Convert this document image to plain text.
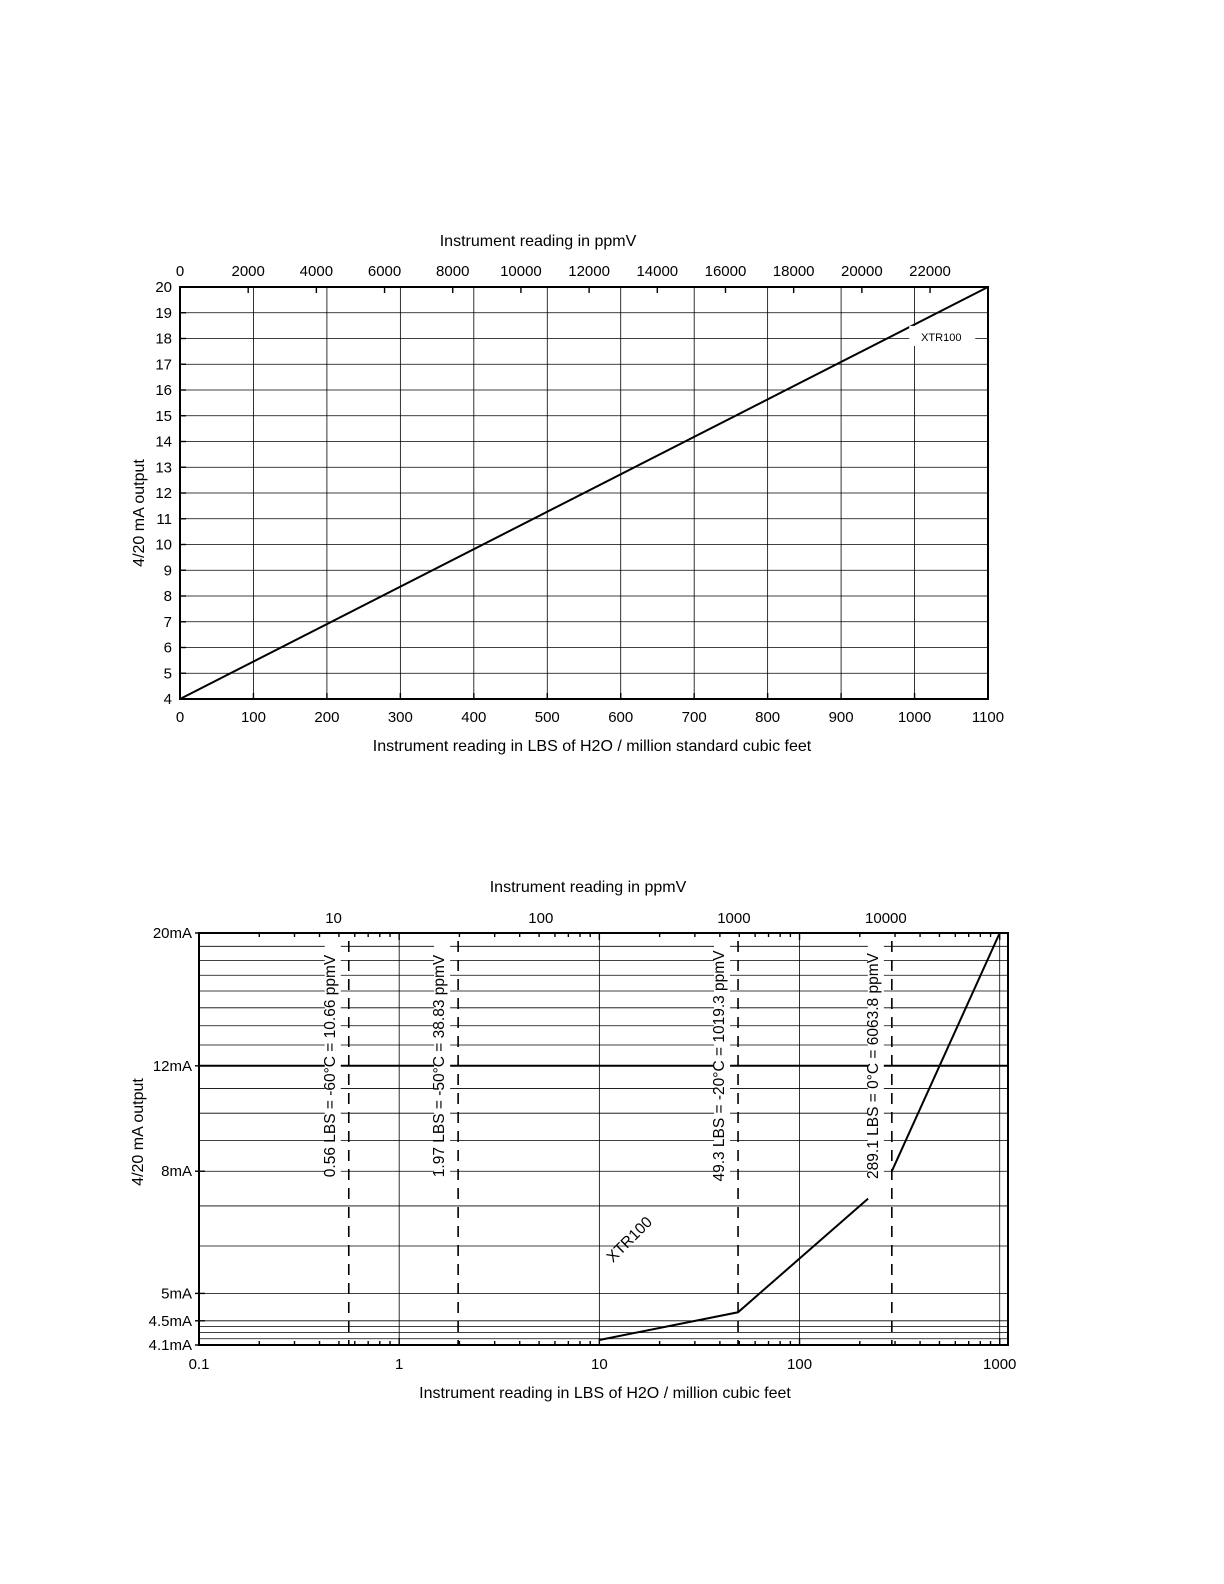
XTR100
0	100	200	300	400	500	600	700	800	900	1000	1100
0	2000 4000 6000 8000 10000 12000 14000 16000 18000 20000 22000
4
5
6
7
8
9
10
11
12
13
14
15
16
17
18
19
20
Instrument reading in ppmV
Instrument reading in LBS of H2O / million standard cubic feet
4/20 mA output
0.56 LBS = -60°C = 10.66 ppmV	1.97 LBS = -50°C = 38.83 ppmV	49.3 LBS = -20°C = 1019.3 ppmV	289.1 LBS = 0°C = 6063.8 ppmV
XTR100
0.1	1	10	100	1000
10	100	1000	10000
4.1mA
4.5mA
5mA
8mA
12mA
20mA
Instrument reading in ppmV
Instrument reading in LBS of H2O / million cubic feet
4/20 mA output
